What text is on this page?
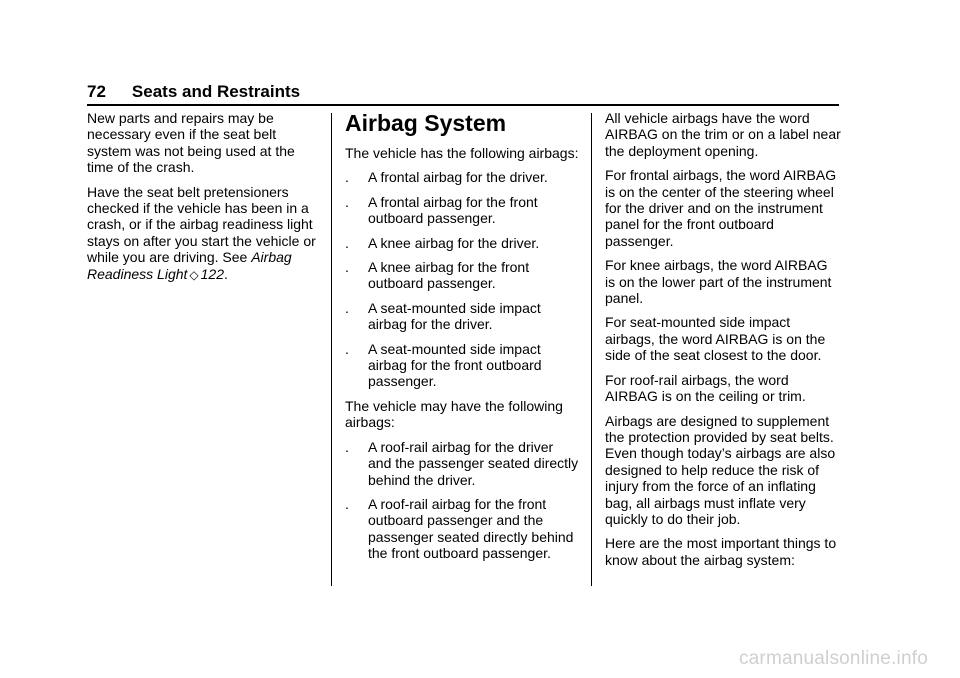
72 Seats and Restraints

New parts and repairs may be necessary even if the seat belt system was not being used at the time of the crash.

Have the seat belt pretensioners checked if the vehicle has been in a crash, or if the airbag readiness light stays on after you start the vehicle or while you are driving. See Airbag Readiness Light ◇ 122.

Airbag System

The vehicle has the following airbags:

. A frontal airbag for the driver.
. A frontal airbag for the front outboard passenger.
. A knee airbag for the driver.
. A knee airbag for the front outboard passenger.
. A seat-mounted side impact airbag for the driver.
. A seat-mounted side impact airbag for the front outboard passenger.

The vehicle may have the following airbags:

. A roof-rail airbag for the driver and the passenger seated directly behind the driver.
. A roof-rail airbag for the front outboard passenger and the passenger seated directly behind the front outboard passenger.

All vehicle airbags have the word AIRBAG on the trim or on a label near the deployment opening.

For frontal airbags, the word AIRBAG is on the center of the steering wheel for the driver and on the instrument panel for the front outboard passenger.

For knee airbags, the word AIRBAG is on the lower part of the instrument panel.

For seat-mounted side impact airbags, the word AIRBAG is on the side of the seat closest to the door.

For roof-rail airbags, the word AIRBAG is on the ceiling or trim.

Airbags are designed to supplement the protection provided by seat belts. Even though today’s airbags are also designed to help reduce the risk of injury from the force of an inflating bag, all airbags must inflate very quickly to do their job.

Here are the most important things to know about the airbag system:

carmanualsonline.info
